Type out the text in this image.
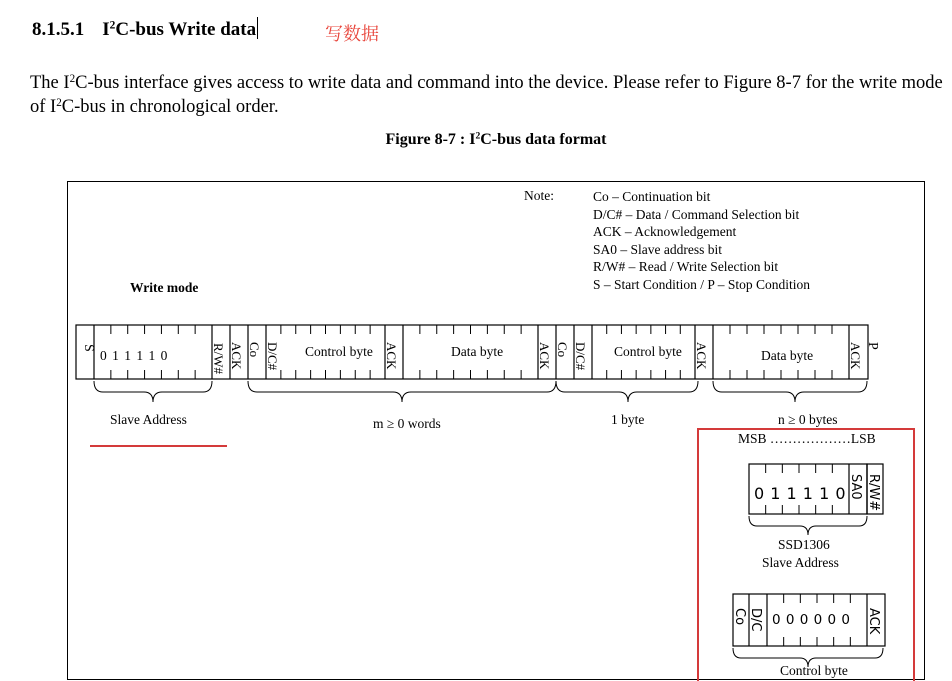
8.1.5.1 $I^2C$-bus Write data	写数据
The $I^2C$-bus interface gives access to write data and command into the device. Please refer to Figure 8-7 for the write mode of $I^2C$-bus in chronological order.
Figure 8-7 : $I^2C$-bus data format
Note:	Co – Continuation bit
D/C# – Data / Command Selection bit
ACK – Acknowledgement
SA0 – Slave address bit
R/W# – Read / Write Selection bit
S – Start Condition / P – Stop Condition
Write mode
S
0 1 1 1 1 0	R/W# ACK Co D/C# Control byte ACK	Data byte	ACK Co D/C# Control byte ACK	Data byte	ACK P
Slave Address	m ≥ 0 words	1 byte	n ≥ 0 bytes
MSB ………………LSB
0 1 1 1 1 0 SA0 R/W#
SSD1306
Slave Address
Co D/C 0 0 0 0 0 0 ACK
Control byte
